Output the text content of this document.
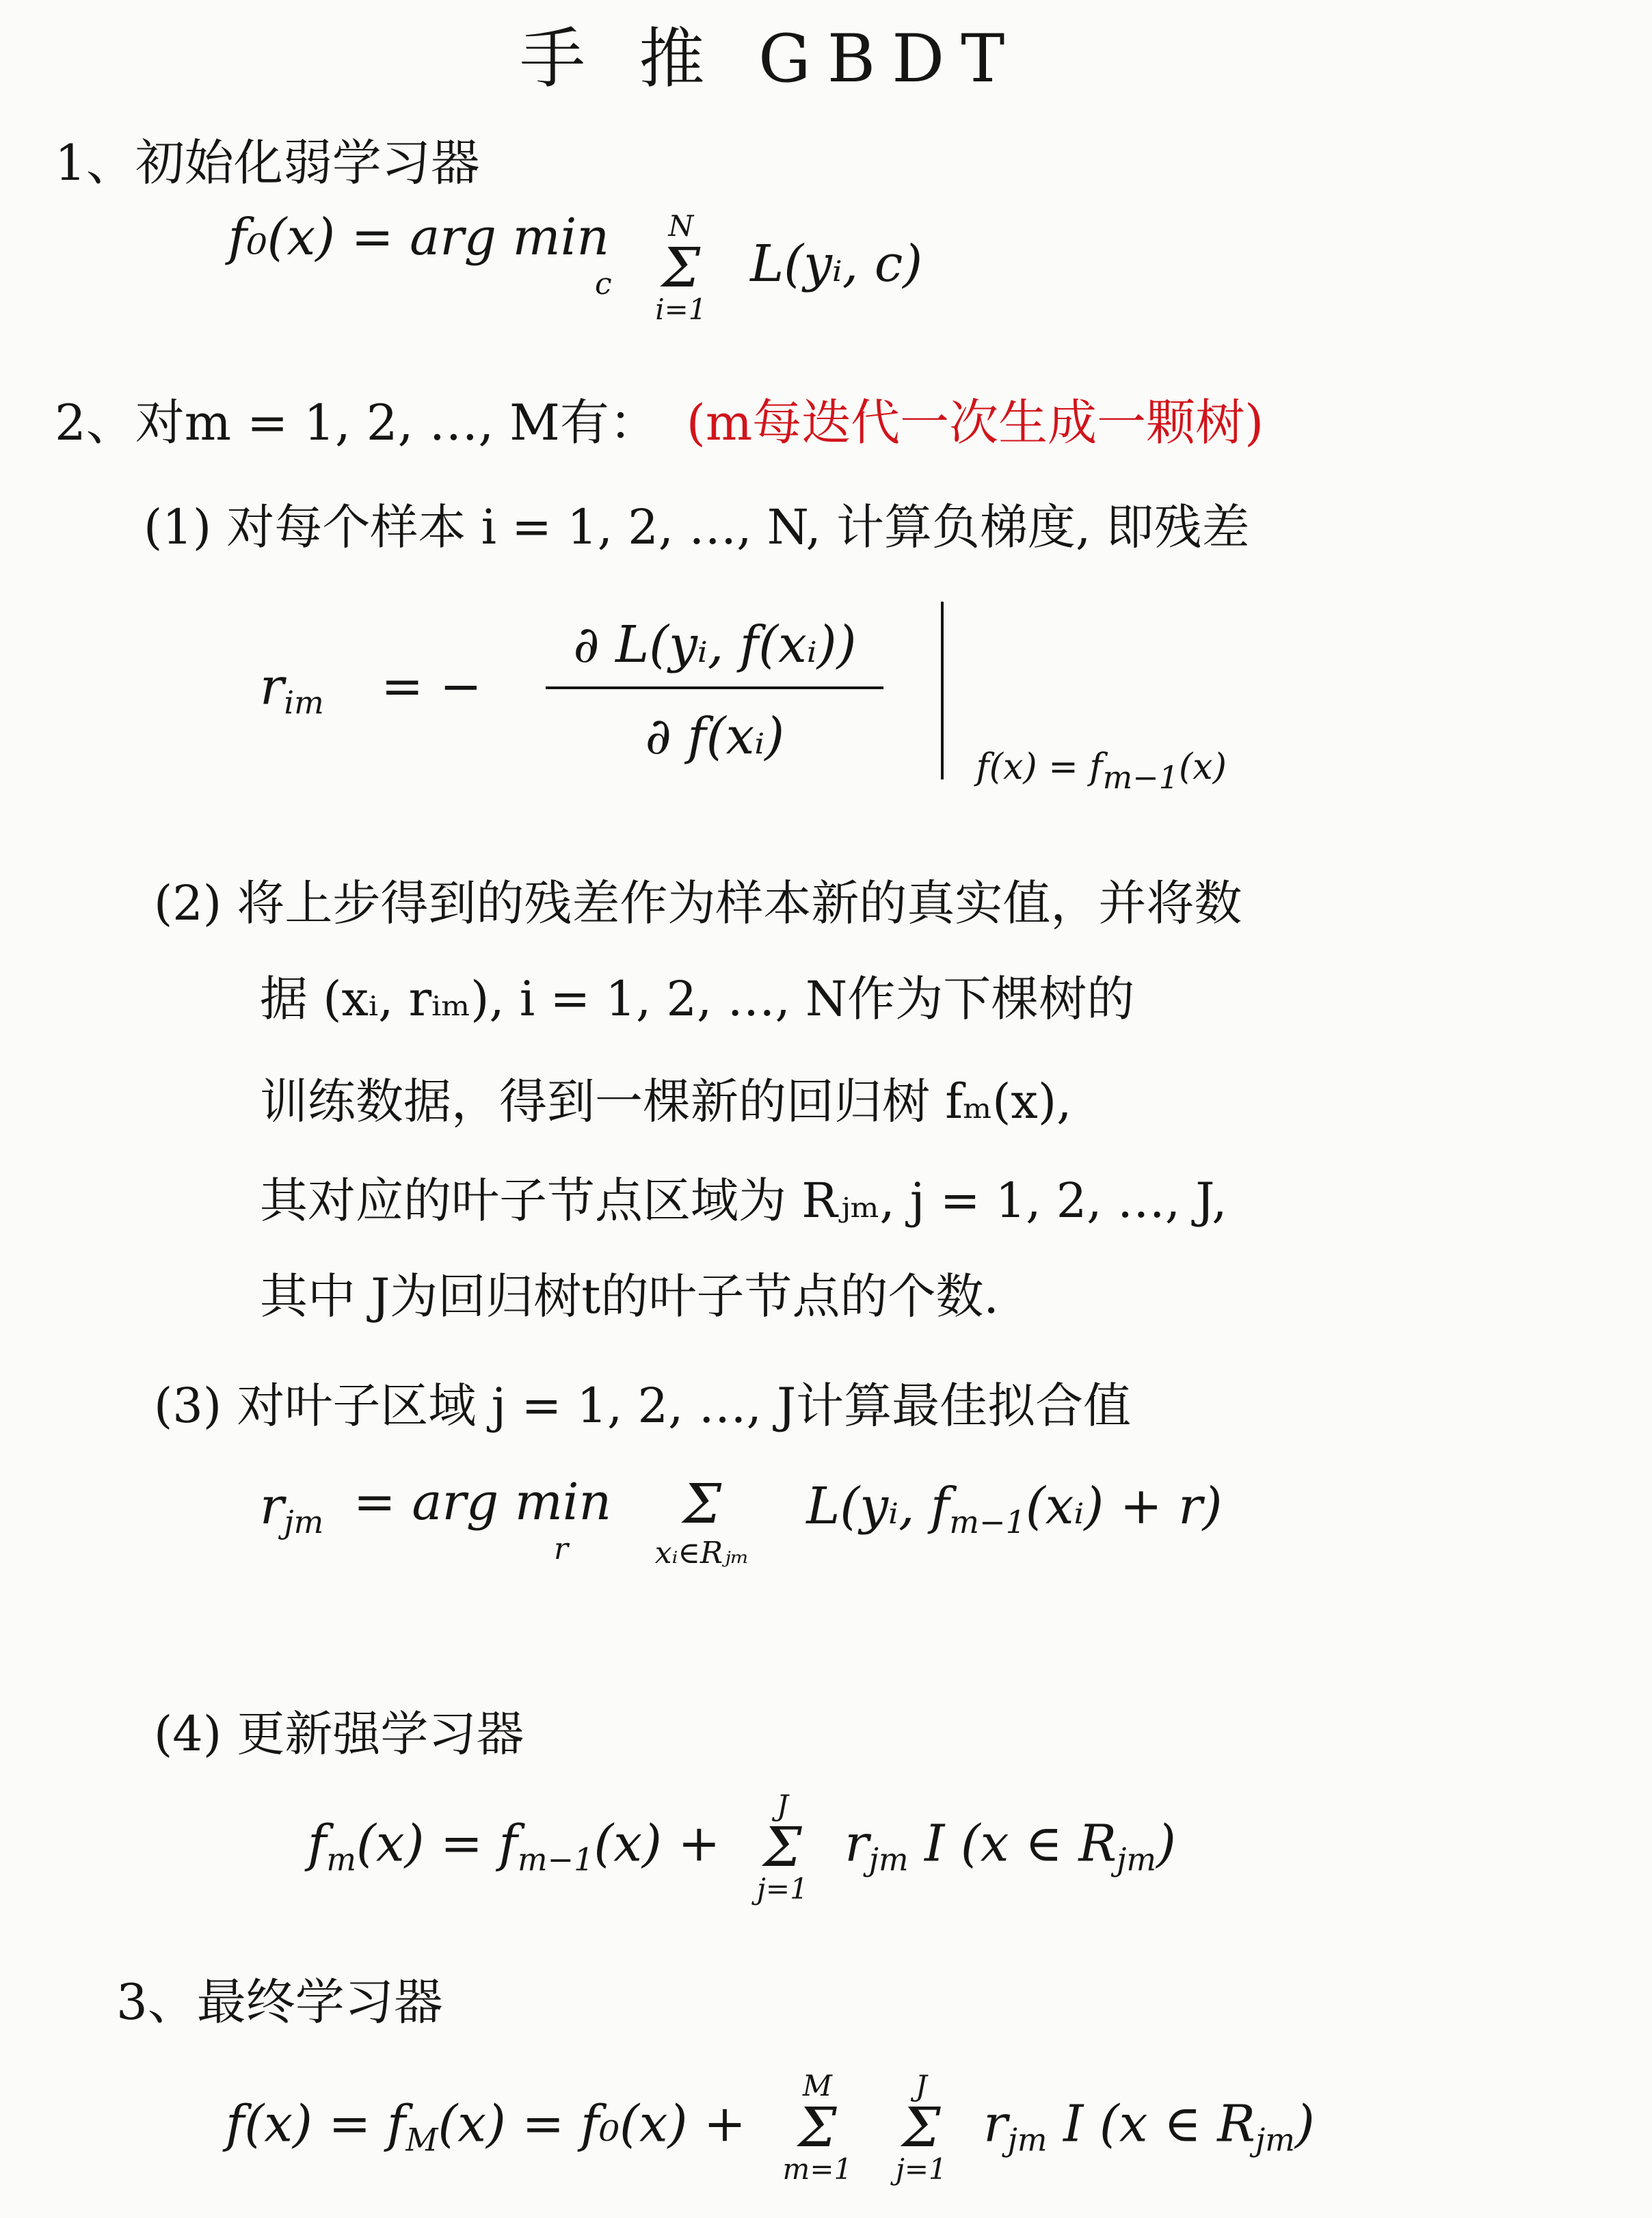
手 推 GBDT
1、初始化弱学习器
f₀(x) = arg min
c

N
Σ
i=1
L(yᵢ, c)
2、对m = 1, 2, …, M有： (m每迭代一次生成一颗树)
(1) 对每个样本 i = 1, 2, …, N, 计算负梯度, 即残差
$r_{im}$ = − $\frac{\text{∂ L(yᵢ, f(xᵢ))}}{\text{∂ f(xᵢ)}}$
f(x) = fm−1(x)
(2) 将上步得到的残差作为样本新的真实值，并将数
据 (xᵢ, rᵢₘ), i = 1, 2, …, N作为下棵树的
训练数据，得到一棵新的回归树 fₘ(x),
其对应的叶子节点区域为 Rⱼₘ, j = 1, 2, …, J,
其中 J为回归树t的叶子节点的个数.
(3) 对叶子区域 j = 1, 2, …, J计算最佳拟合值
$r_{jm}$ = arg min
r

Σ
xᵢ∈Rⱼₘ
L(yᵢ, $f_{m-1}(xᵢ) + r$)
(4) 更新强学习器
$f_m(x) = f_{m-1}(x)$ +
J
Σ
j=1
$r_{jm}$ I (x ∈ $R_{jm}$)
3、最终学习器
$f(x) = f_M(x) = f_0(x)$ +
M
Σ
m=1

J
Σ
j=1
$r_{jm}$ I (x ∈ $R_{jm}$)
